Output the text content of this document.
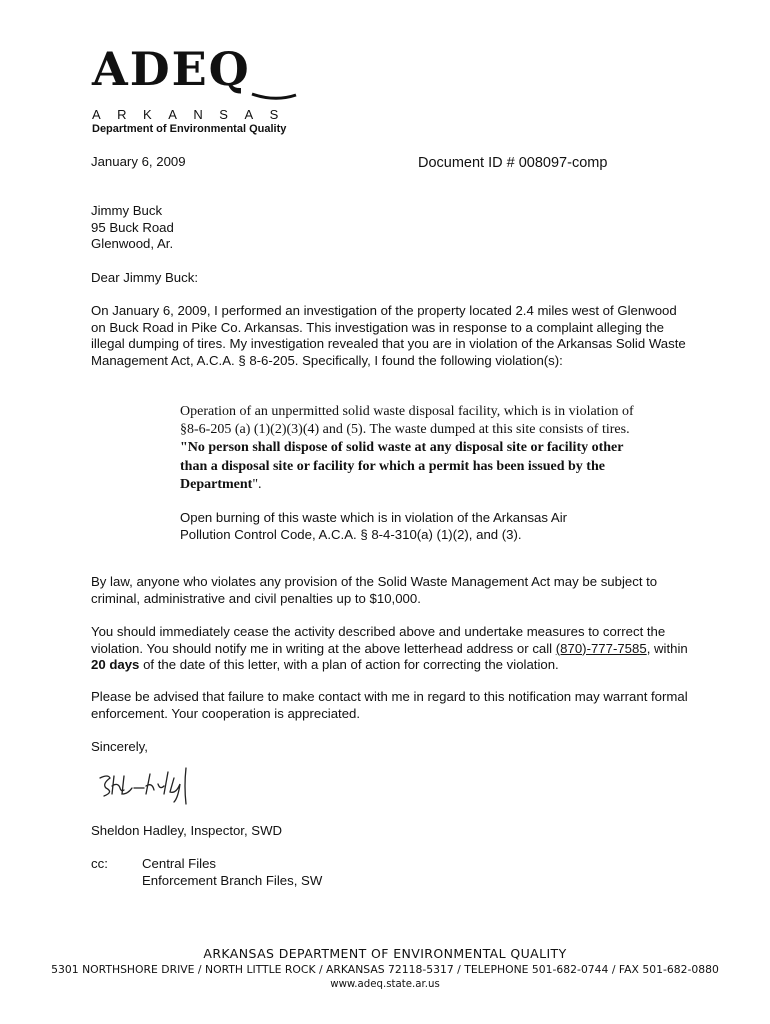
ADEQ
ARKANSAS
Department of Environmental Quality
January 6, 2009	Document ID # 008097-comp
Jimmy Buck
95 Buck Road
Glenwood, Ar.
Dear Jimmy Buck:
On January 6, 2009, I performed an investigation of the property located 2.4 miles west of Glenwood on Buck Road in Pike Co. Arkansas. This investigation was in response to a complaint alleging the illegal dumping of tires. My investigation revealed that you are in violation of the Arkansas Solid Waste Management Act, A.C.A. § 8-6-205. Specifically, I found the following violation(s):
Operation of an unpermitted solid waste disposal facility, which is in violation of §8-6-205 (a) (1)(2)(3)(4) and (5). The waste dumped at this site consists of tires. "No person shall dispose of solid waste at any disposal site or facility other than a disposal site or facility for which a permit has been issued by the Department".
Open burning of this waste which is in violation of the Arkansas Air Pollution Control Code, A.C.A. § 8-4-310(a) (1)(2), and (3).
By law, anyone who violates any provision of the Solid Waste Management Act may be subject to criminal, administrative and civil penalties up to $10,000.
You should immediately cease the activity described above and undertake measures to correct the violation. You should notify me in writing at the above letterhead address or call (870)-777-7585, within 20 days of the date of this letter, with a plan of action for correcting the violation.
Please be advised that failure to make contact with me in regard to this notification may warrant formal enforcement. Your cooperation is appreciated.
Sincerely,
Sheldon Hadley, Inspector, SWD
cc:	Central Files
Enforcement Branch Files, SW
ARKANSAS DEPARTMENT OF ENVIRONMENTAL QUALITY
5301 NORTHSHORE DRIVE / NORTH LITTLE ROCK / ARKANSAS 72118-5317 / TELEPHONE 501-682-0744 / FAX 501-682-0880
www.adeq.state.ar.us
